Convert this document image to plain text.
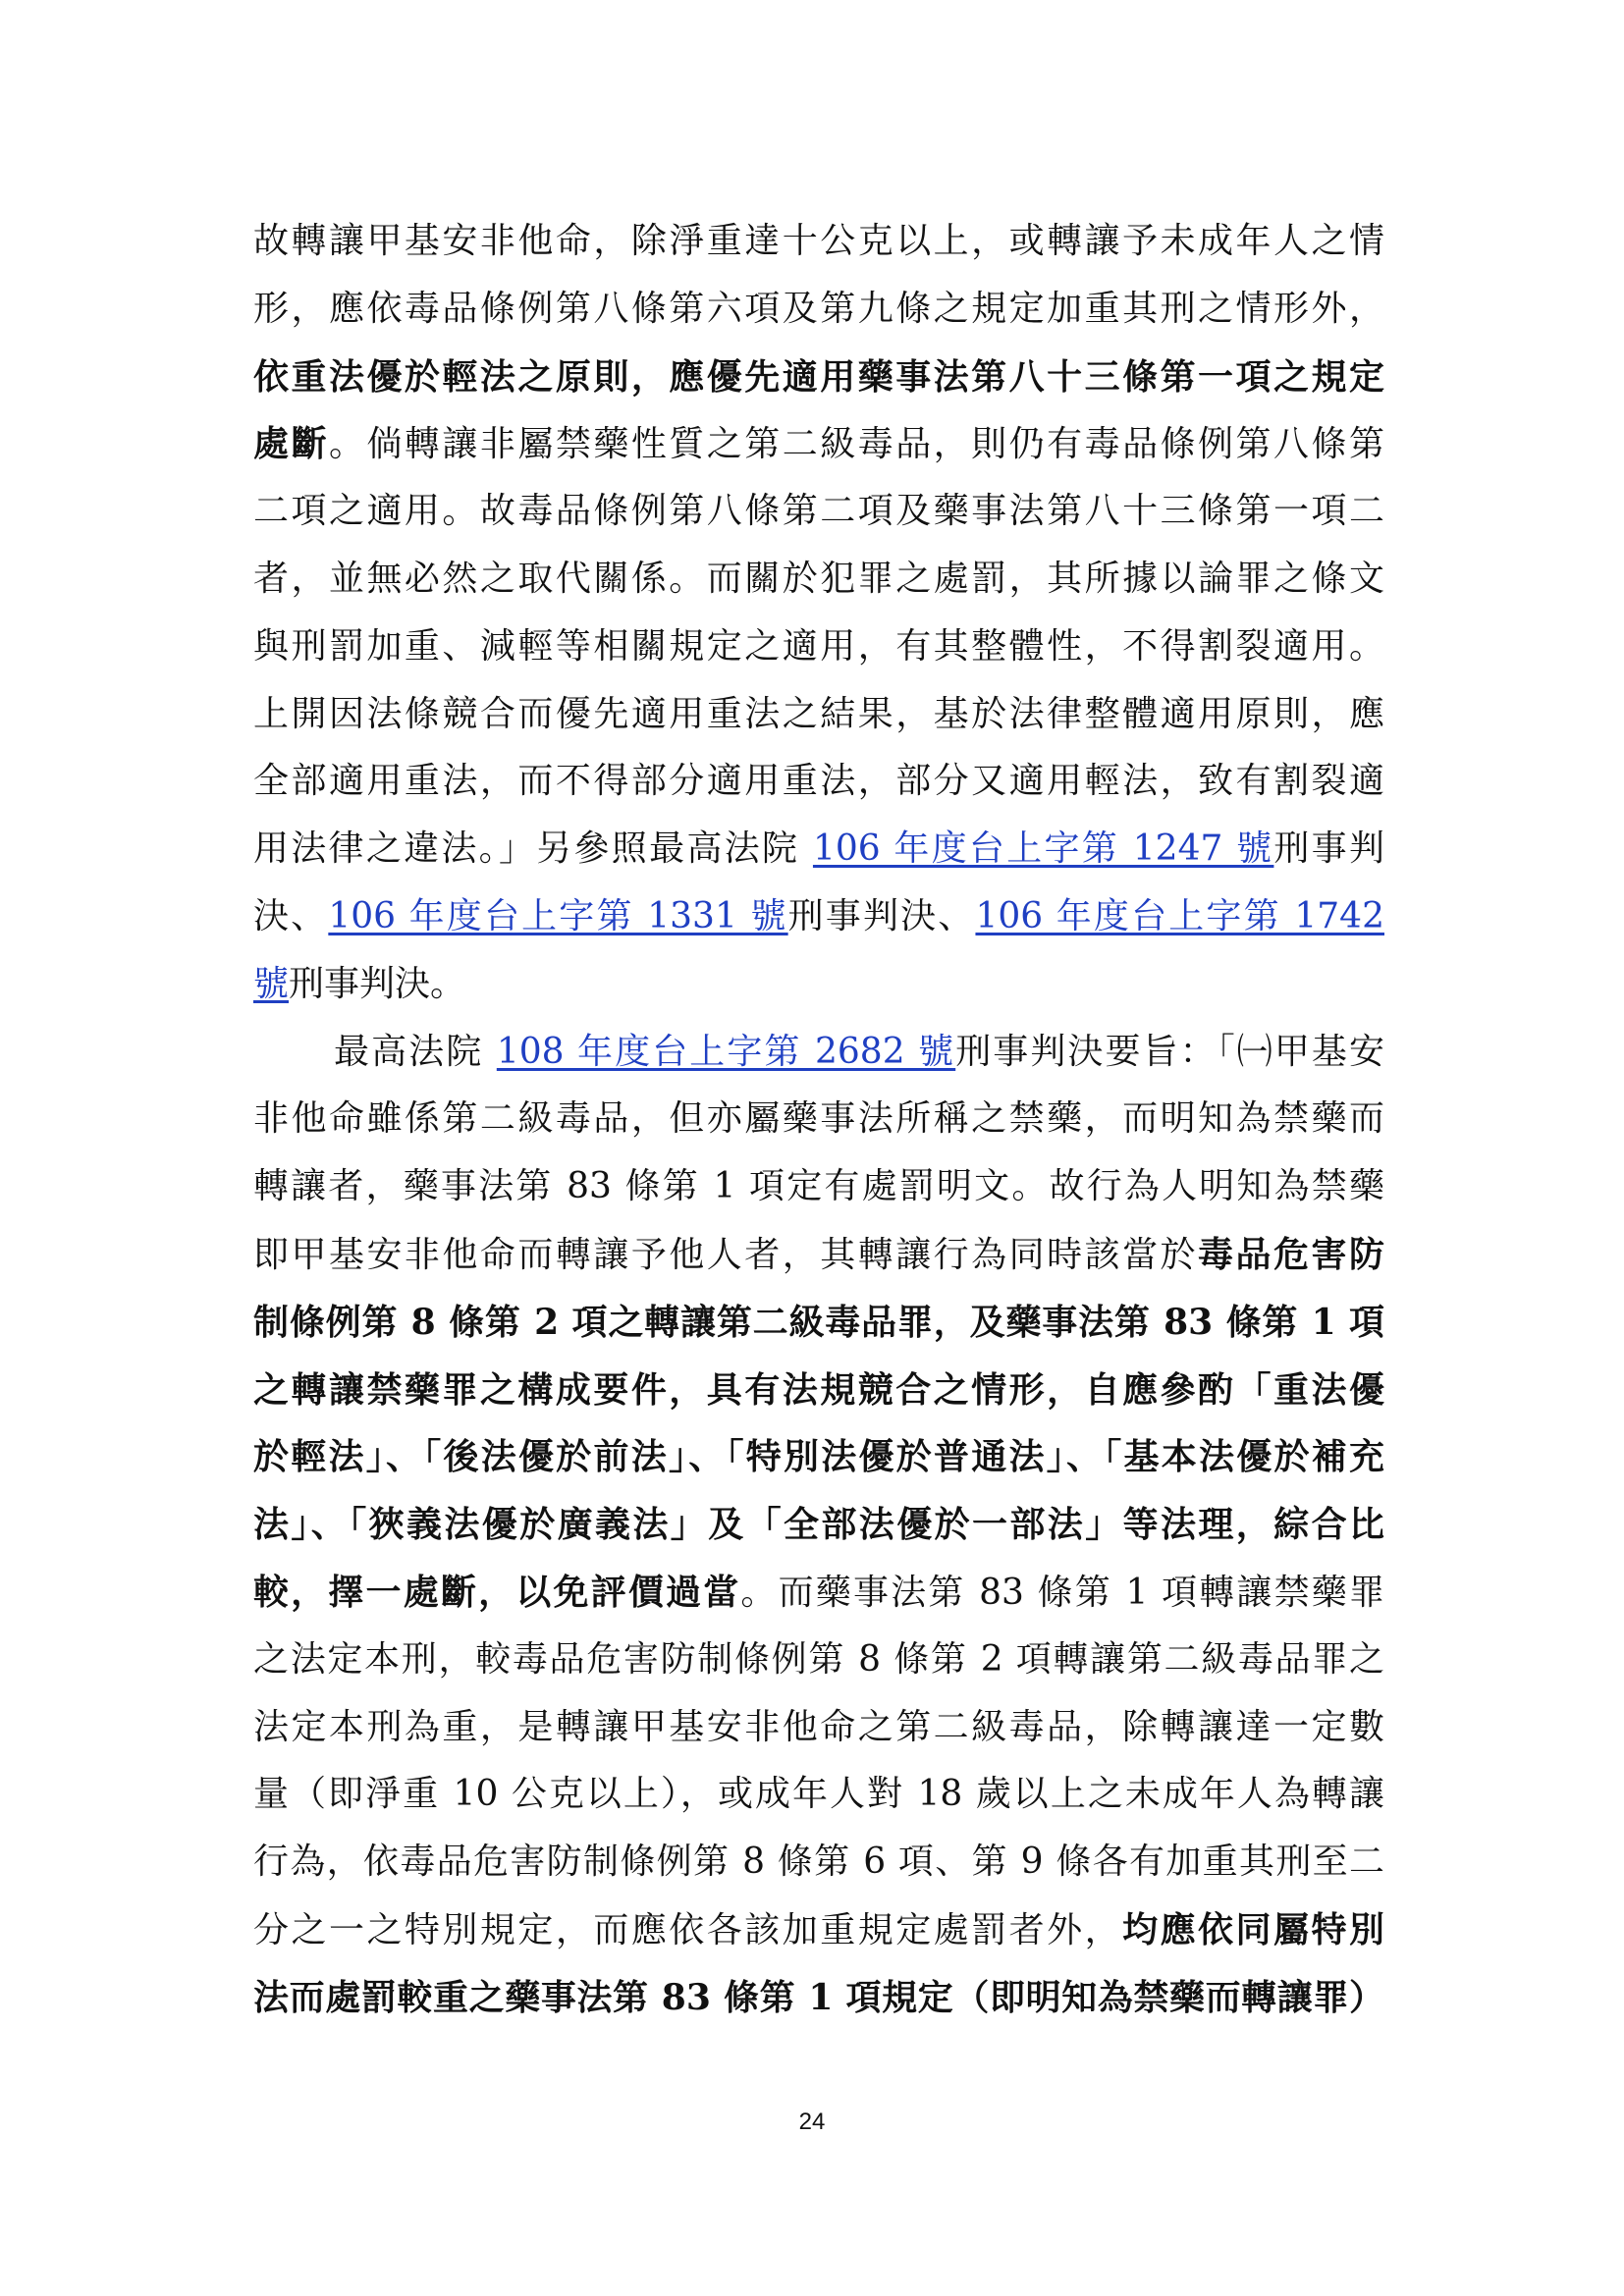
故轉讓甲基安非他命，除淨重達十公克以上，或轉讓予未成年人之情
形，應依毒品條例第八條第六項及第九條之規定加重其刑之情形外，
依重法優於輕法之原則，應優先適用藥事法第八十三條第一項之規定
處斷。倘轉讓非屬禁藥性質之第二級毒品，則仍有毒品條例第八條第
二項之適用。故毒品條例第八條第二項及藥事法第八十三條第一項二
者，並無必然之取代關係。而關於犯罪之處罰，其所據以論罪之條文
與刑罰加重、減輕等相關規定之適用，有其整體性，不得割裂適用。
上開因法條競合而優先適用重法之結果，基於法律整體適用原則，應
全部適用重法，而不得部分適用重法，部分又適用輕法，致有割裂適
用法律之違法。」另參照最高法院 106 年度台上字第 1247 號刑事判
決、106 年度台上字第 1331 號刑事判決、106 年度台上字第 1742
號刑事判決。
最高法院 108 年度台上字第 2682 號刑事判決要旨：「㈠甲基安
非他命雖係第二級毒品，但亦屬藥事法所稱之禁藥，而明知為禁藥而
轉讓者，藥事法第 83 條第 1 項定有處罰明文。故行為人明知為禁藥
即甲基安非他命而轉讓予他人者，其轉讓行為同時該當於毒品危害防
制條例第 8 條第 2 項之轉讓第二級毒品罪，及藥事法第 83 條第 1 項
之轉讓禁藥罪之構成要件，具有法規競合之情形，自應參酌「重法優
於輕法」、「後法優於前法」、「特別法優於普通法」、「基本法優於補充
法」、「狹義法優於廣義法」及「全部法優於一部法」等法理，綜合比
較，擇一處斷，以免評價過當。而藥事法第 83 條第 1 項轉讓禁藥罪
之法定本刑，較毒品危害防制條例第 8 條第 2 項轉讓第二級毒品罪之
法定本刑為重，是轉讓甲基安非他命之第二級毒品，除轉讓達一定數
量（即淨重 10 公克以上），或成年人對 18 歲以上之未成年人為轉讓
行為，依毒品危害防制條例第 8 條第 6 項、第 9 條各有加重其刑至二
分之一之特別規定，而應依各該加重規定處罰者外，均應依同屬特別
法而處罰較重之藥事法第 83 條第 1 項規定（即明知為禁藥而轉讓罪）
24
